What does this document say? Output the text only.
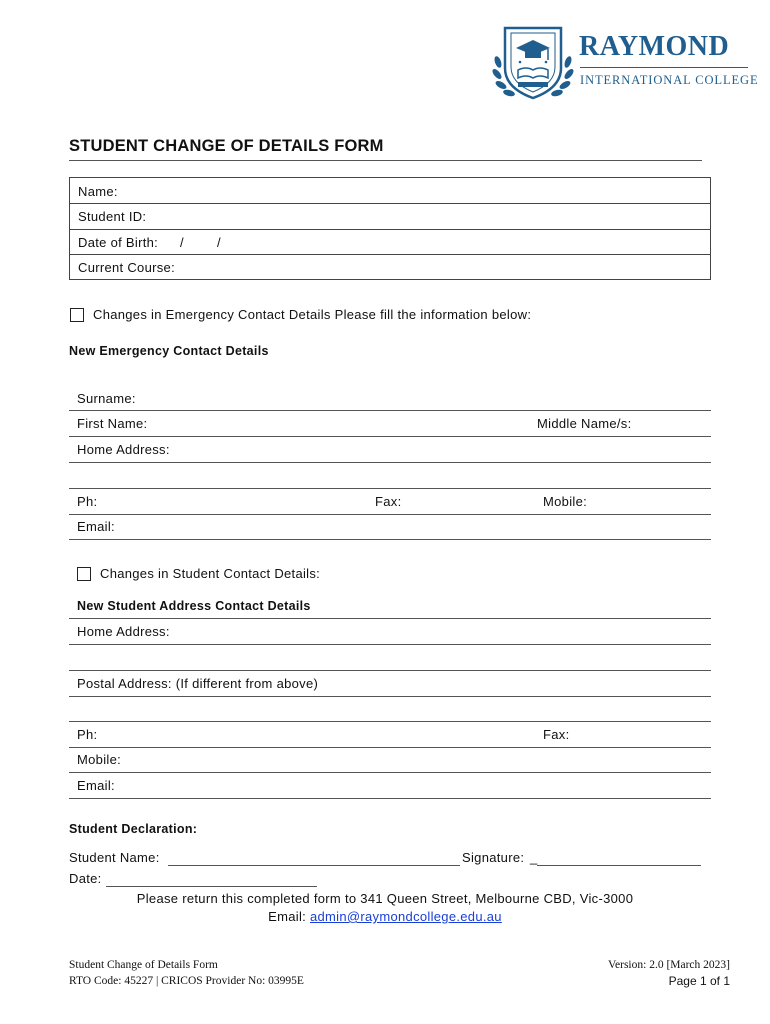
RAYMOND
INTERNATIONAL COLLEGE
STUDENT CHANGE OF DETAILS FORM
Name:
Student ID:
Date of Birth: /	/
Current Course:
Changes in Emergency Contact Details Please fill the information below:
New Emergency Contact Details
Surname:
First Name:	Middle Name/s:
Home Address:
Ph:	Fax:	Mobile:
Email:
Changes in Student Contact Details:
New Student Address Contact Details
Home Address:
Postal Address: (If different from above)
Ph:	Fax:
Mobile:
Email:
Student Declaration:
Student Name:	Signature: _
Date:
Please return this completed form to 341 Queen Street, Melbourne CBD, Vic-3000
Email: admin@raymondcollege.edu.au
Student Change of Details Form
RTO Code: 45227 | CRICOS Provider No: 03995E
Version: 2.0 [March 2023]
Page 1 of 1
